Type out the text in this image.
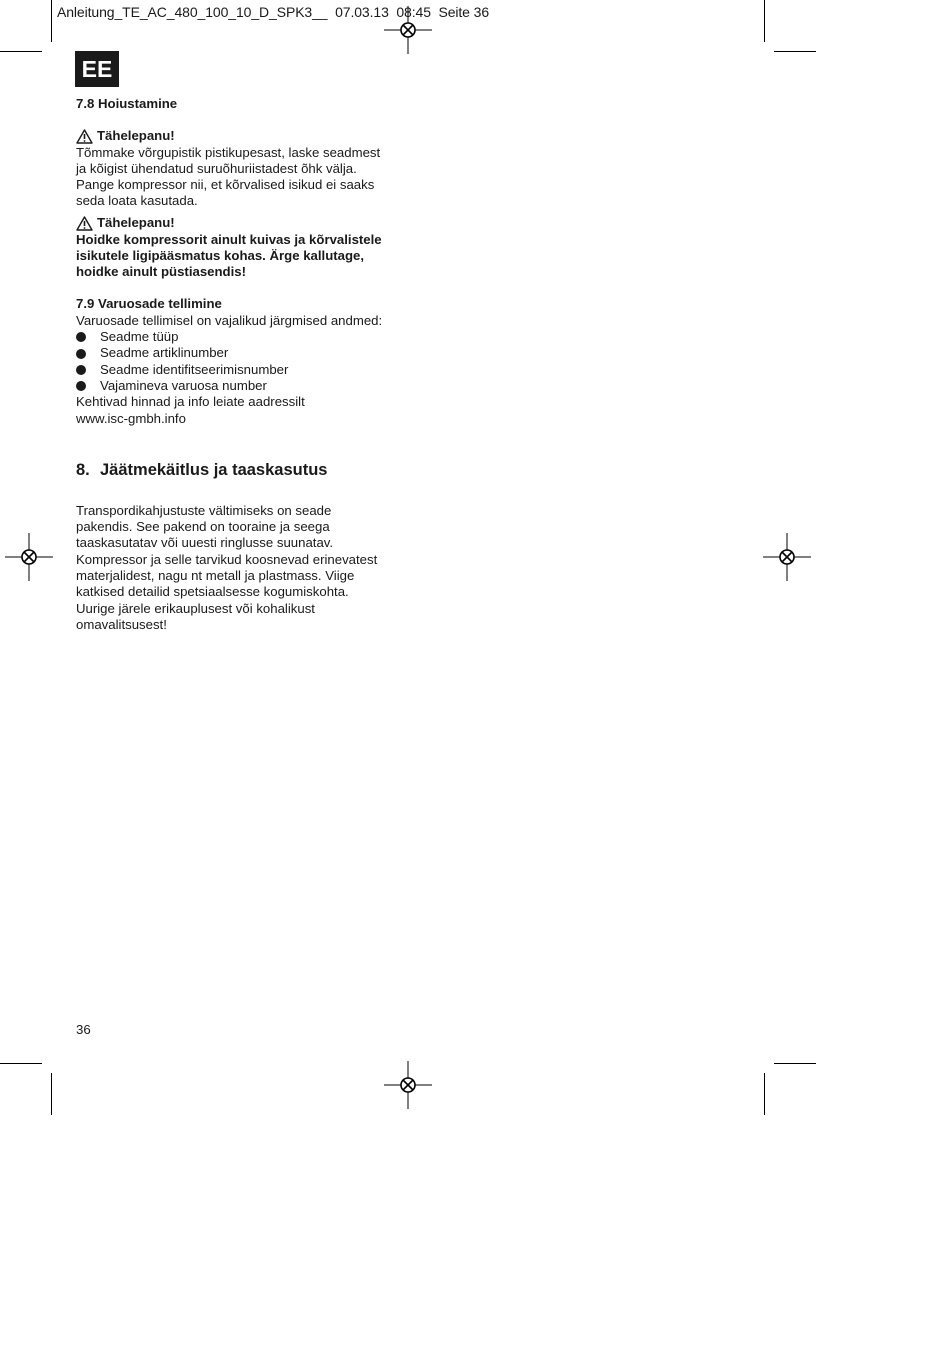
Anleitung_TE_AC_480_100_10_D_SPK3__  07.03.13  08:45  Seite 36
EE

7.8 Hoiustamine

Tähelepanu!

Tõmmake võrgupistik pistikupesast, laske seadmest

ja kõigist ühendatud suruõhuriistadest õhk välja.

Pange kompressor nii, et kõrvalised isikud ei saaks

seda loata kasutada.

Tähelepanu!

Hoidke kompressorit ainult kuivas ja kõrvalistele

isikutele ligipääsmatus kohas. Ärge kallutage,

hoidke ainult püstiasendis!

7.9 Varuosade tellimine

Varuosade tellimisel on vajalikud järgmised andmed:

Seadme tüüp
Seadme artiklinumber
Seadme identifitseerimisnumber
Vajamineva varuosa number

Kehtivad hinnad ja info leiate aadressilt

www.isc-gmbh.info

8. Jäätmekäitlus ja taaskasutus

Transpordikahjustuste vältimiseks on seade

pakendis. See pakend on tooraine ja seega

taaskasutatav või uuesti ringlusse suunatav.

Kompressor ja selle tarvikud koosnevad erinevatest

materjalidest, nagu nt metall ja plastmass. Viige

katkised detailid spetsiaalsesse kogumiskohta.

Uurige järele erikauplusest või kohalikust

omavalitsusest!

36
